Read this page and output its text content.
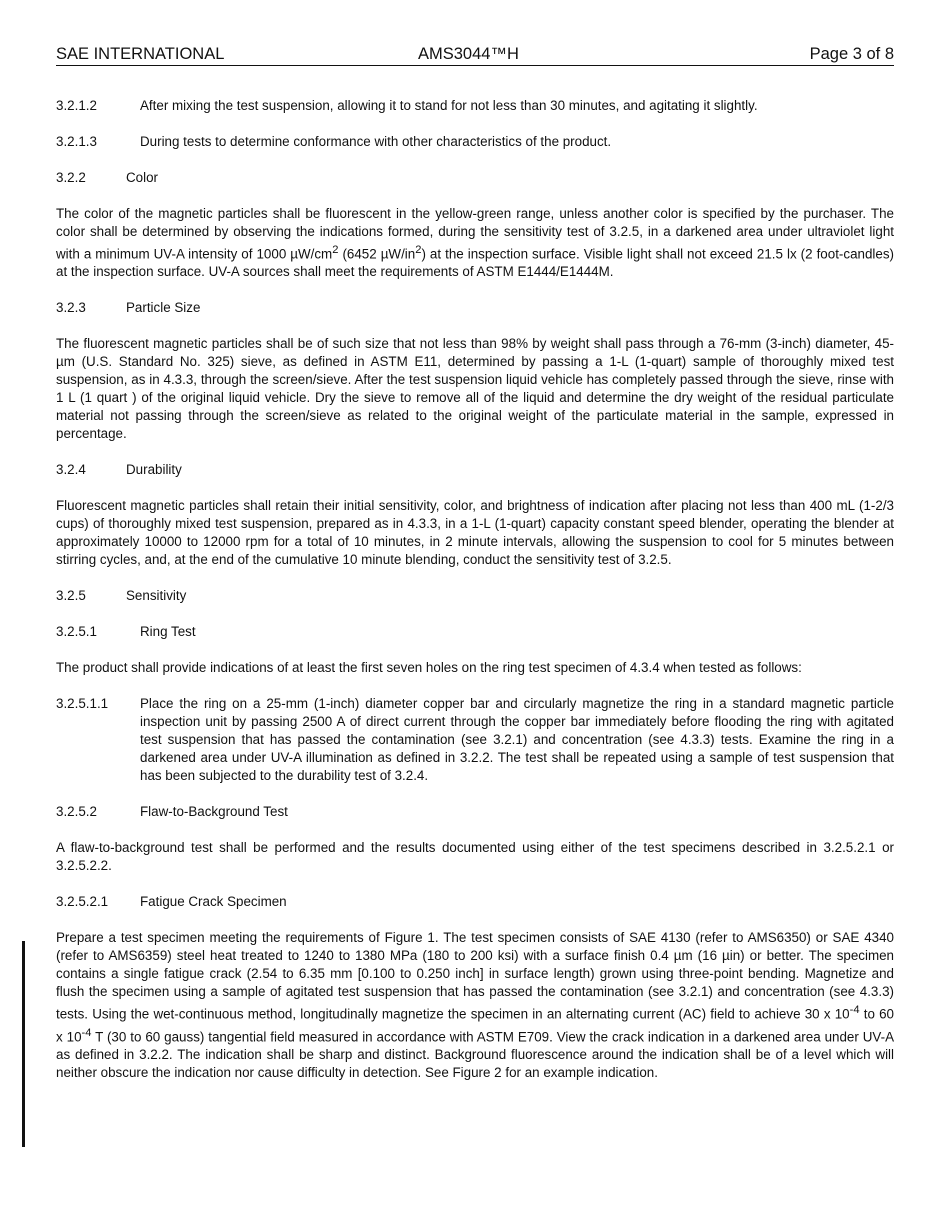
SAE INTERNATIONAL	AMS3044™H	Page 3 of 8

3.2.1.2	After mixing the test suspension, allowing it to stand for not less than 30 minutes, and agitating it slightly.

3.2.1.3	During tests to determine conformance with other characteristics of the product.

3.2.2	Color

The color of the magnetic particles shall be fluorescent in the yellow-green range, unless another color is specified by the purchaser. The color shall be determined by observing the indications formed, during the sensitivity test of 3.2.5, in a darkened area under ultraviolet light with a minimum UV-A intensity of 1000 $\mu W/cm^2$ (6452 $\mu W/in^2$) at the inspection surface. Visible light shall not exceed 21.5 lx (2 foot-candles) at the inspection surface. UV-A sources shall meet the requirements of ASTM E1444/E1444M.

3.2.3	Particle Size

The fluorescent magnetic particles shall be of such size that not less than 98% by weight shall pass through a 76-mm (3-inch) diameter, 45-µm (U.S. Standard No. 325) sieve, as defined in ASTM E11, determined by passing a 1-L (1-quart) sample of thoroughly mixed test suspension, as in 4.3.3, through the screen/sieve. After the test suspension liquid vehicle has completely passed through the sieve, rinse with 1 L (1 quart ) of the original liquid vehicle. Dry the sieve to remove all of the liquid and determine the dry weight of the residual particulate material not passing through the screen/sieve as related to the original weight of the particulate material in the sample, expressed in percentage.

3.2.4	Durability

Fluorescent magnetic particles shall retain their initial sensitivity, color, and brightness of indication after placing not less than 400 mL (1-2/3 cups) of thoroughly mixed test suspension, prepared as in 4.3.3, in a 1-L (1-quart) capacity constant speed blender, operating the blender at approximately 10000 to 12000 rpm for a total of 10 minutes, in 2 minute intervals, allowing the suspension to cool for 5 minutes between stirring cycles, and, at the end of the cumulative 10 minute blending, conduct the sensitivity test of 3.2.5.

3.2.5	Sensitivity

3.2.5.1	Ring Test

The product shall provide indications of at least the first seven holes on the ring test specimen of 4.3.4 when tested as follows:

3.2.5.1.1	Place the ring on a 25-mm (1-inch) diameter copper bar and circularly magnetize the ring in a standard magnetic particle inspection unit by passing 2500 A of direct current through the copper bar immediately before flooding the ring with agitated test suspension that has passed the contamination (see 3.2.1) and concentration (see 4.3.3) tests. Examine the ring in a darkened area under UV-A illumination as defined in 3.2.2. The test shall be repeated using a sample of test suspension that has been subjected to the durability test of 3.2.4.

3.2.5.2	Flaw-to-Background Test

A flaw-to-background test shall be performed and the results documented using either of the test specimens described in 3.2.5.2.1 or 3.2.5.2.2.

3.2.5.2.1 Fatigue Crack Specimen

Prepare a test specimen meeting the requirements of Figure 1. The test specimen consists of SAE 4130 (refer to AMS6350) or SAE 4340 (refer to AMS6359) steel heat treated to 1240 to 1380 MPa (180 to 200 ksi) with a surface finish 0.4 µm (16 µin) or better. The specimen contains a single fatigue crack (2.54 to 6.35 mm [0.100 to 0.250 inch] in surface length) grown using three-point bending. Magnetize and flush the specimen using a sample of agitated test suspension that has passed the contamination (see 3.2.1) and concentration (see 4.3.3) tests. Using the wet-continuous method, longitudinally magnetize the specimen in an alternating current (AC) field to achieve 30 x $10^{-4}$ to 60 x $10^{-4}$ T (30 to 60 gauss) tangential field measured in accordance with ASTM E709. View the crack indication in a darkened area under UV-A as defined in 3.2.2. The indication shall be sharp and distinct. Background fluorescence around the indication shall be of a level which will neither obscure the indication nor cause difficulty in detection. See Figure 2 for an example indication.
